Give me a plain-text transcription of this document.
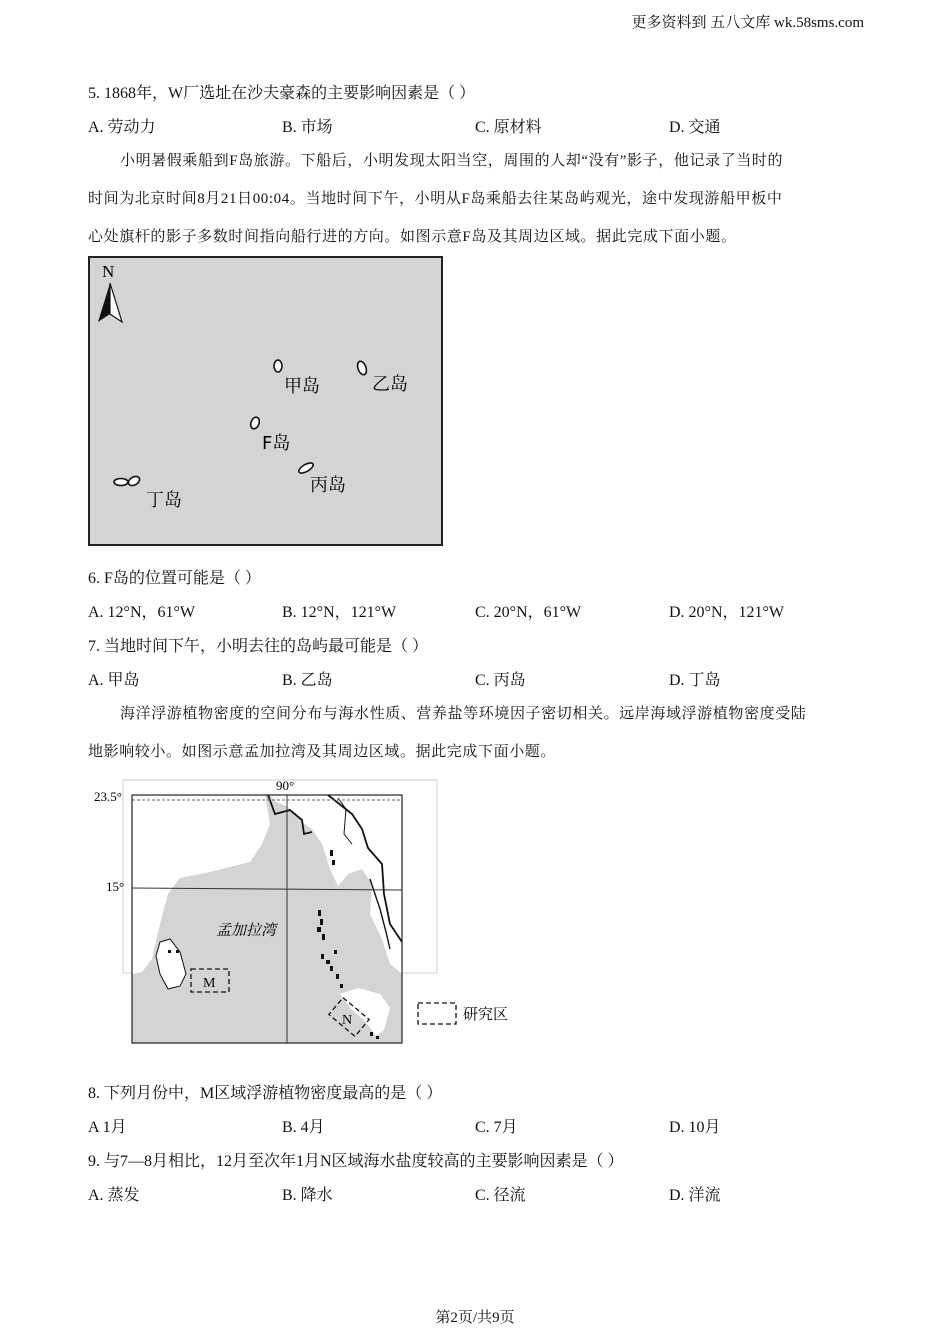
更多资料到 五八文库 wk.58sms.com
5. 1868年，W厂选址在沙夫豪森的主要影响因素是（ ）
A. 劳动力	B. 市场	C. 原材料	D. 交通
小明暑假乘船到F岛旅游。下船后，小明发现太阳当空，周围的人却“没有”影子，他记录了当时的
时间为北京时间8月21日00:04。当地时间下午，小明从F岛乘船去往某岛屿观光，途中发现游船甲板中
心处旗杆的影子多数时间指向船行进的方向。如图示意F岛及其周边区域。据此完成下面小题。
N
甲岛	乙岛
F岛
丙岛
丁岛
6. F岛的位置可能是（ ）
A. 12°N，61°W	B. 12°N，121°W	C. 20°N，61°W	D. 20°N，121°W
7. 当地时间下午，小明去往的岛屿最可能是（ ）
A. 甲岛	B. 乙岛	C. 丙岛	D. 丁岛
海洋浮游植物密度的空间分布与海水性质、营养盐等环境因子密切相关。远岸海域浮游植物密度受陆
地影响较小。如图示意孟加拉湾及其周边区域。据此完成下面小题。
90°
23.5°
15°
孟加拉湾
M
N	研究区
8. 下列月份中，M区域浮游植物密度最高的是（ ）
A 1月	B. 4月	C. 7月	D. 10月
9. 与7—8月相比，12月至次年1月N区域海水盐度较高的主要影响因素是（ ）
A. 蒸发	B. 降水	C. 径流	D. 洋流
第2页/共9页
